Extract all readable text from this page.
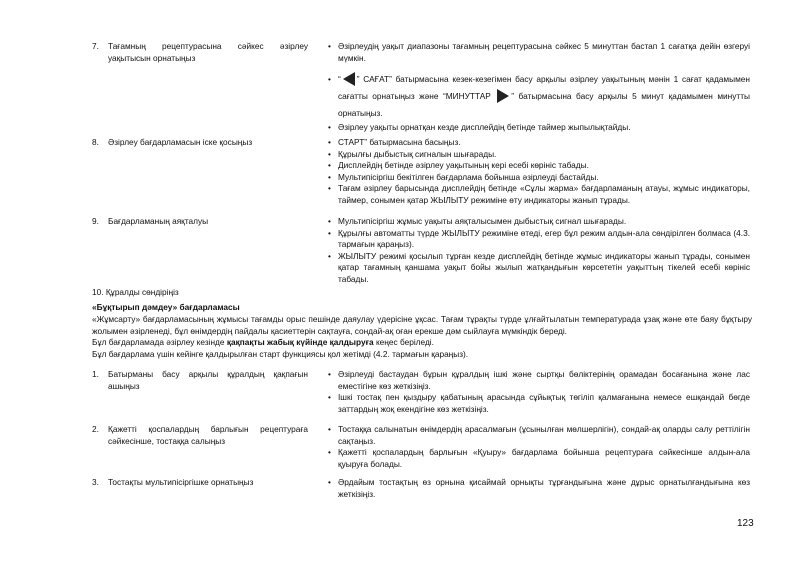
7. Тағамның рецептурасына сәйкес әзірлеу уақытысын орнатыңыз
• Әзірлеудің уақыт диапазоны тағамның рецептурасына сәйкес 5 минуттан бастап 1 сағатқа дейін өзгеруі мүмкін.
• “ ” САҒАТ” батырмасына кезек-кезегімен басу арқылы әзірлеу уақытының мәнін 1 сағат қадамымен сағатты орнатыңыз және “МИНУТТАР ” батырмасына басу арқылы 5 минут қадамымен минутты орнатыңыз.
• Әзірлеу уақыты орнатқан кезде дисплейдің бетінде таймер жыпылықтайды.
8. Әзірлеу бағдарламасын іске қосыңыз	• СТАРТ” батырмасына басыңыз.
• Құрылғы дыбыстық сигналын шығарады.
• Дисплейдің бетінде әзірлеу уақытының кері есебі көрініс табады.
• Мультипісіргіш бекітілген бағдарлама бойынша әзірлеуді бастайды.
• Тағам әзірлеу барысында дисплейдің бетінде «Сұлы жарма» бағдарламаның атауы, жұмыс индикаторы, таймер, сонымен қатар ЖЫЛЫТУ режиміне өту индикаторы жанып тұрады.
9. Бағдарламаның аяқталуы	• Мультипісіргіш жұмыс уақыты аяқталысымен дыбыстық сигнал шығарады.
• Құрылғы автоматты түрде ЖЫЛЫТУ режиміне өтеді, егер бұл режим алдын-ала сөндірілген болмаса (4.3. тармағын қараңыз).
• ЖЫЛЫТУ режимі қосылып тұрған кезде дисплейдің бетінде жұмыс индикаторы жанып тұрады, сонымен қатар тағамның қаншама уақыт бойы жылып жатқандығын көрсететін уақыттың тікелей есебі көрініс табады.
10. Құралды сөндіріңіз
«Бұқтырып дәмдеу» бағдарламасы
«Жұмсарту» бағдарламасының жұмысы тағамды орыс пешінде даяулау үдерісіне ұқсас. Тағам тұрақты түрде ұлғайтылатын температурада ұзақ және өте баяу бұқтыру жолымен әзірленеді, бұл өнімдердің пайдалы қасиеттерін сақтауға, сондай-ақ оған ерекше дәм сыйлауға мүмкіндік береді.
Бұл бағдарламада әзірлеу кезінде қақпақты жабық күйінде қалдыруға кеңес беріледі.
Бұл бағдарлама үшін кейінге қалдырылған старт функциясы қол жетімді (4.2. тармағын қараңыз).
1. Батырманы басу арқылы құралдың қақпағын ашыңыз
• Әзірлеуді бастаудан бұрын құралдың ішкі және сыртқы бөліктерінің орамадан босағанына және лас еместігіне көз жеткізіңіз.
• Ішкі тостақ пен қыздыру қабатының арасында сұйықтық төгіліп қалмағанына немесе ешқандай бөгде заттардың жоқ екендігіне көз жеткізіңіз.
2. Қажетті қоспалардың барлығын рецептураға сәйкесінше, тостаққа салыңыз
• Тостаққа салынатын өнімдердің арасалмағын (ұсынылған мөлшерлігін), сондай-ақ оларды салу реттілігін сақтаңыз.
• Қажетті қоспалардың барлығын «Қуыру» бағдарлама бойынша рецептураға сәйкесінше алдын-ала қуыруға болады.
3. Тостақты мультипісіргішке орнатыңыз	• Әрдайым тостақтың өз орнына қисаймай орнықты тұрғандығына және дұрыс орнатылғандығына көз жеткізіңіз.
123
